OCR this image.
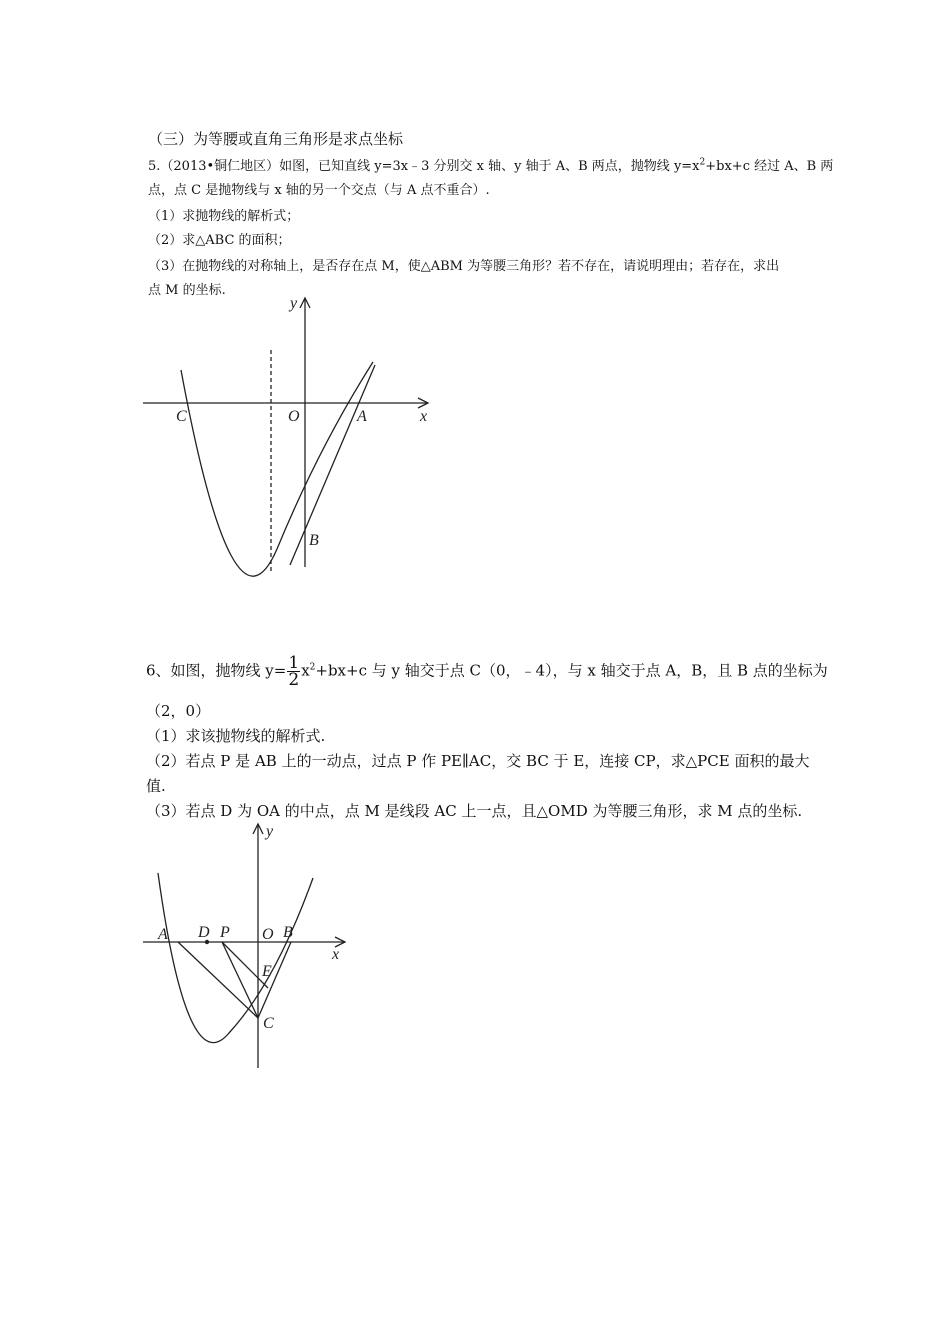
（三）为等腰或直角三角形是求点坐标
5.（2013•铜仁地区）如图，已知直线 y=3x﹣3 分别交 x 轴、y 轴于 A、B 两点，抛物线 $y=x^2+bx+c$ 经过 A、B 两
点，点 C 是抛物线与 x 轴的另一个交点（与 A 点不重合）.
（1）求抛物线的解析式；
（2）求△ABC 的面积；
（3）在抛物线的对称轴上，是否存在点 M，使△ABM 为等腰三角形？若不存在，请说明理由；若存在，求出
点 M 的坐标.
y
x
C	O	A
B
6、如图，抛物线 $y= \frac{1}{2} x^2+bx+c$ 与 y 轴交于点 C（0，﹣4），与 x 轴交于点 A，B，且 B 点的坐标为
（2，0）
（1）求该抛物线的解析式.
（2）若点 P 是 AB 上的一动点，过点 P 作 PE∥AC，交 BC 于 E，连接 CP，求△PCE 面积的最大
值.
（3）若点 D 为 OA 的中点，点 M 是线段 AC 上一点，且△OMD 为等腰三角形，求 M 点的坐标.
y
x
A D P O B
E
C
